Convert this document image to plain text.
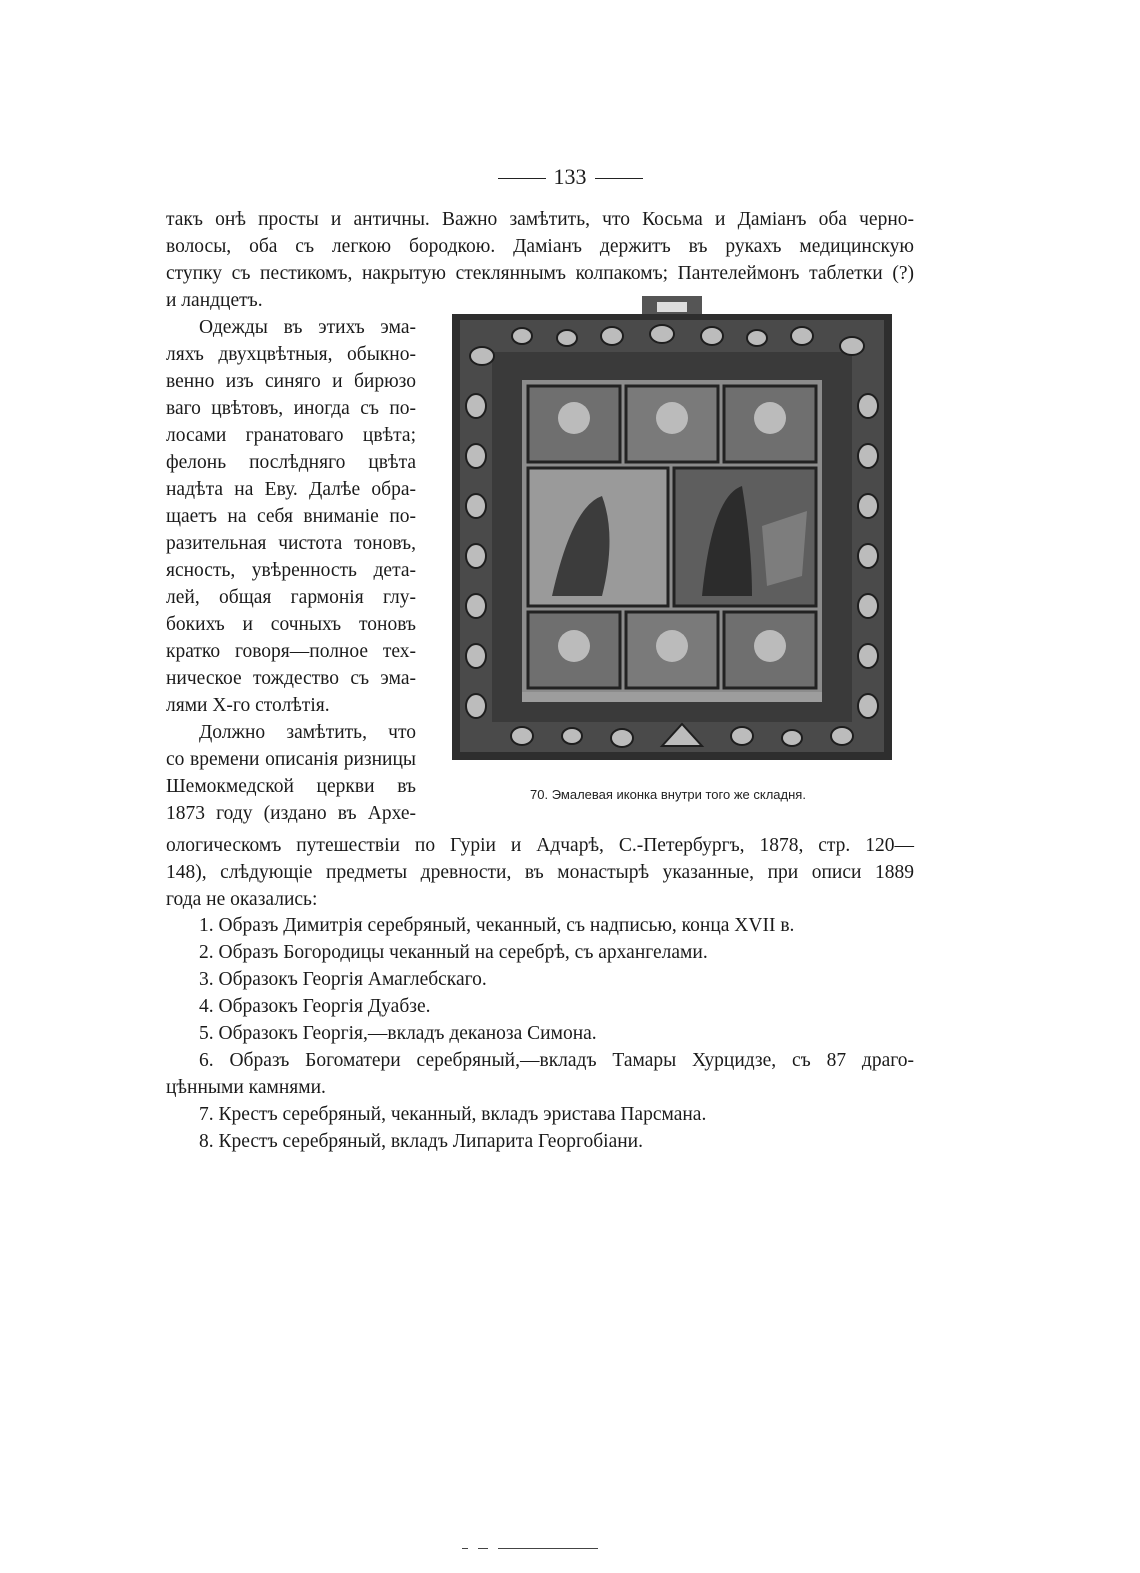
133
такъ онѣ просты и античны. Важно замѣтить, что Косьма и Даміанъ оба черно-
волосы, оба съ легкою бородкою. Даміанъ держитъ въ рукахъ медицинскую
ступку съ пестикомъ, накрытую стекляннымъ колпакомъ; Пантелеймонъ таблетки (?)
и ландцетъ.
Одежды въ этихъ эма-
ляхъ двухцвѣтныя, обыкно-
венно изъ синяго и бирюзо
ваго цвѣтовъ, иногда съ по-
лосами гранатоваго цвѣта;
фелонь послѣдняго цвѣта
надѣта на Еву. Далѣе обра-
щаетъ на себя вниманіе по-
разительная чистота тоновъ,
ясность, увѣренность дета-
лей, общая гармонія глу-
бокихъ и сочныхъ тоновъ
кратко говоря—полное тех-
ническое тождество съ эма-
лями X-го столѣтія.
Должно замѣтить, что
со времени описанія ризницы
Шемокмедской церкви въ
1873 году (издано въ Архе-
70. Эмалевая иконка внутри того же складня.
ологическомъ путешествіи по Гуріи и Адчарѣ, С.-Петербургъ, 1878, стр. 120—
148), слѣдующіе предметы древности, въ монастырѣ указанные, при описи 1889
года не оказались:
1. Образъ Димитрія серебряный, чеканный, съ надписью, конца XVII в.
2. Образъ Богородицы чеканный на серебрѣ, съ архангелами.
3. Образокъ Георгія Амаглебскаго.
4. Образокъ Георгія Дуабзе.
5. Образокъ Георгія,—вкладъ деканоза Симона.
6. Образъ Богоматери серебряный,—вкладъ Тамары Хурцидзе, съ 87 драго-
цѣнными камнями.
7. Крестъ серебряный, чеканный, вкладъ эристава Парсмана.
8. Крестъ серебряный, вкладъ Липарита Георгобіани.
